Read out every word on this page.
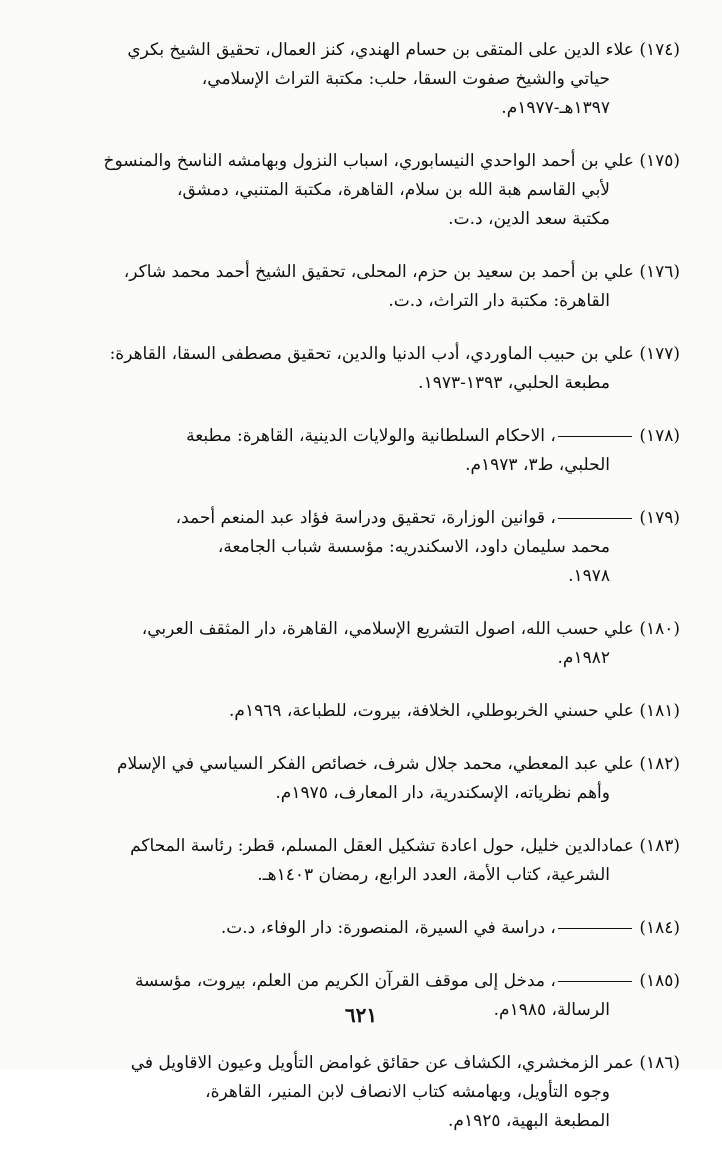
(١٧٤) علاء الدين على المتقى بن حسام الهندي، كنز العمال، تحقيق الشيخ بكري
حياتي والشيخ صفوت السقا، حلب: مكتبة التراث الإسلامي،
١٣٩٧هـ-١٩٧٧م.
(١٧٥) علي بن أحمد الواحدي النيسابوري، اسباب النزول وبهامشه الناسخ والمنسوخ
لأبي القاسم هبة الله بن سلام، القاهرة، مكتبة المتنبي، دمشق،
مكتبة سعد الدين، د.ت.
(١٧٦) علي بن أحمد بن سعيد بن حزم، المحلى، تحقيق الشيخ أحمد محمد شاكر،
القاهرة: مكتبة دار التراث، د.ت.
(١٧٧) علي بن حبيب الماوردي، أدب الدنيا والدين، تحقيق مصطفى السقا، القاهرة:
مطبعة الحلبي، ١٣٩٣-١٩٧٣.
(١٧٨) ، الاحكام السلطانية والولايات الدينية، القاهرة: مطبعة
الحلبي، ط٣، ١٩٧٣م.
(١٧٩) ، قوانين الوزارة، تحقيق ودراسة فؤاد عبد المنعم أحمد،
محمد سليمان داود، الاسكندريه: مؤسسة شباب الجامعة،
١٩٧٨.
(١٨٠) علي حسب الله، اصول التشريع الإسلامي، القاهرة، دار المثقف العربي،
١٩٨٢م.
(١٨١) علي حسني الخربوطلي، الخلافة، بيروت، للطباعة، ١٩٦٩م.
(١٨٢) علي عبد المعطي، محمد جلال شرف، خصائص الفكر السياسي في الإسلام
وأهم نظرياته، الإسكندرية، دار المعارف، ١٩٧٥م.
(١٨٣) عمادالدين خليل، حول اعادة تشكيل العقل المسلم، قطر: رئاسة المحاكم
الشرعية، كتاب الأمة، العدد الرابع، رمضان ١٤٠٣هـ.
(١٨٤) ، دراسة في السيرة، المنصورة: دار الوفاء، د.ت.
(١٨٥) ، مدخل إلى موقف القرآن الكريم من العلم، بيروت، مؤسسة
الرسالة، ١٩٨٥م.
(١٨٦) عمر الزمخشري، الكشاف عن حقائق غوامض التأويل وعيون الاقاويل في
وجوه التأويل، وبهامشه كتاب الانصاف لابن المنير، القاهرة،
المطبعة البهية، ١٩٢٥م.
٦٢١
